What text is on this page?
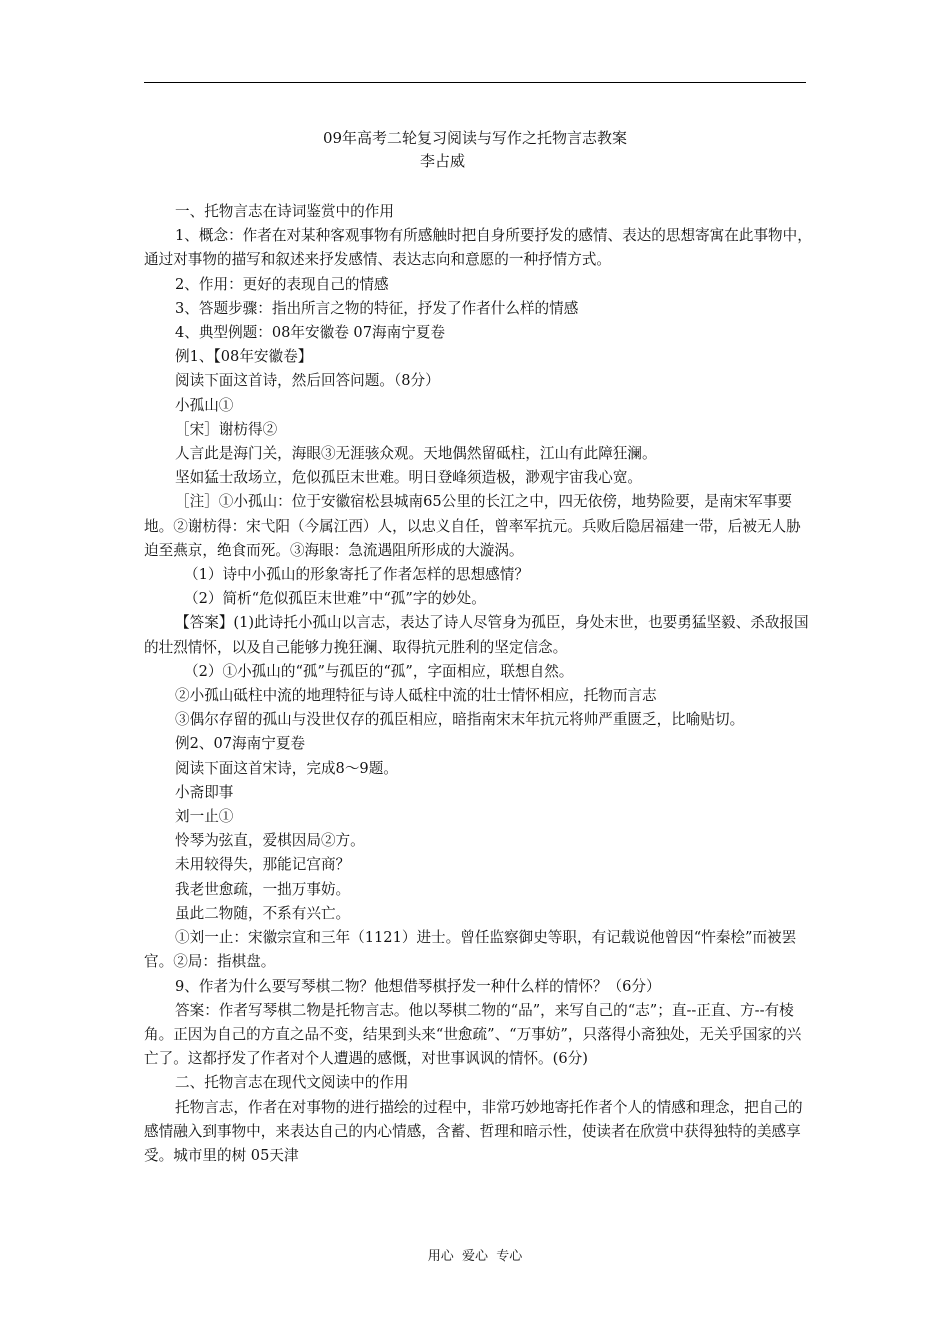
09年高考二轮复习阅读与写作之托物言志教案
李占威

一、托物言志在诗词鉴赏中的作用

1、概念：作者在对某种客观事物有所感触时把自身所要抒发的感情、表达的思想寄寓在此事物中，通过对事物的描写和叙述来抒发感情、表达志向和意愿的一种抒情方式。

2、作用：更好的表现自己的情感

3、答题步骤：指出所言之物的特征，抒发了作者什么样的情感

4、典型例题：08年安徽卷 07海南宁夏卷

例1、【08年安徽卷】

阅读下面这首诗，然后回答问题。（8分）

小孤山①

［宋］谢枋得②

人言此是海门关，海眼③无涯骇众观。天地偶然留砥柱，江山有此障狂澜。

坚如猛士敌场立，危似孤臣末世难。明日登峰须造极，渺观宇宙我心宽。

［注］①小孤山：位于安徽宿松县城南65公里的长江之中，四无依傍，地势险要，是南宋军事要地。②谢枋得：宋弋阳（今属江西）人，以忠义自任，曾率军抗元。兵败后隐居福建一带，后被无人胁迫至燕京，绝食而死。③海眼：急流遇阻所形成的大漩涡。

（1）诗中小孤山的形象寄托了作者怎样的思想感情？

（2）简析“危似孤臣末世难”中“孤”字的妙处。

【答案】(1)此诗托小孤山以言志，表达了诗人尽管身为孤臣，身处末世，也要勇猛坚毅、杀敌报国的壮烈情怀，以及自己能够力挽狂澜、取得抗元胜利的坚定信念。

（2）①小孤山的“孤”与孤臣的“孤”，字面相应，联想自然。

②小孤山砥柱中流的地理特征与诗人砥柱中流的壮士情怀相应，托物而言志

③偶尔存留的孤山与没世仅存的孤臣相应，暗指南宋末年抗元将帅严重匮乏，比喻贴切。

例2、07海南宁夏卷

阅读下面这首宋诗，完成8～9题。

小斋即事

刘一止①

怜琴为弦直，爱棋因局②方。

未用较得失，那能记宫商？

我老世愈疏，一拙万事妨。

虽此二物随，不系有兴亡。

①刘一止：宋徽宗宣和三年（1121）进士。曾任监察御史等职，有记载说他曾因“忤秦桧”而被罢官。②局：指棋盘。

9、作者为什么要写琴棋二物？他想借琴棋抒发一种什么样的情怀？（6分）

答案：作者写琴棋二物是托物言志。他以琴棋二物的“品”，来写自己的“志”；直--正直、方--有棱角。正因为自己的方直之品不变，结果到头来“世愈疏”、“万事妨”，只落得小斋独处，无关乎国家的兴亡了。这都抒发了作者对个人遭遇的感慨，对世事讽讽的情怀。(6分)

二、托物言志在现代文阅读中的作用

托物言志，作者在对事物的进行描绘的过程中，非常巧妙地寄托作者个人的情感和理念，把自己的感情融入到事物中，来表达自己的内心情感，含蓄、哲理和暗示性，使读者在欣赏中获得独特的美感享受。城市里的树 05天津

用心  爱心  专心
